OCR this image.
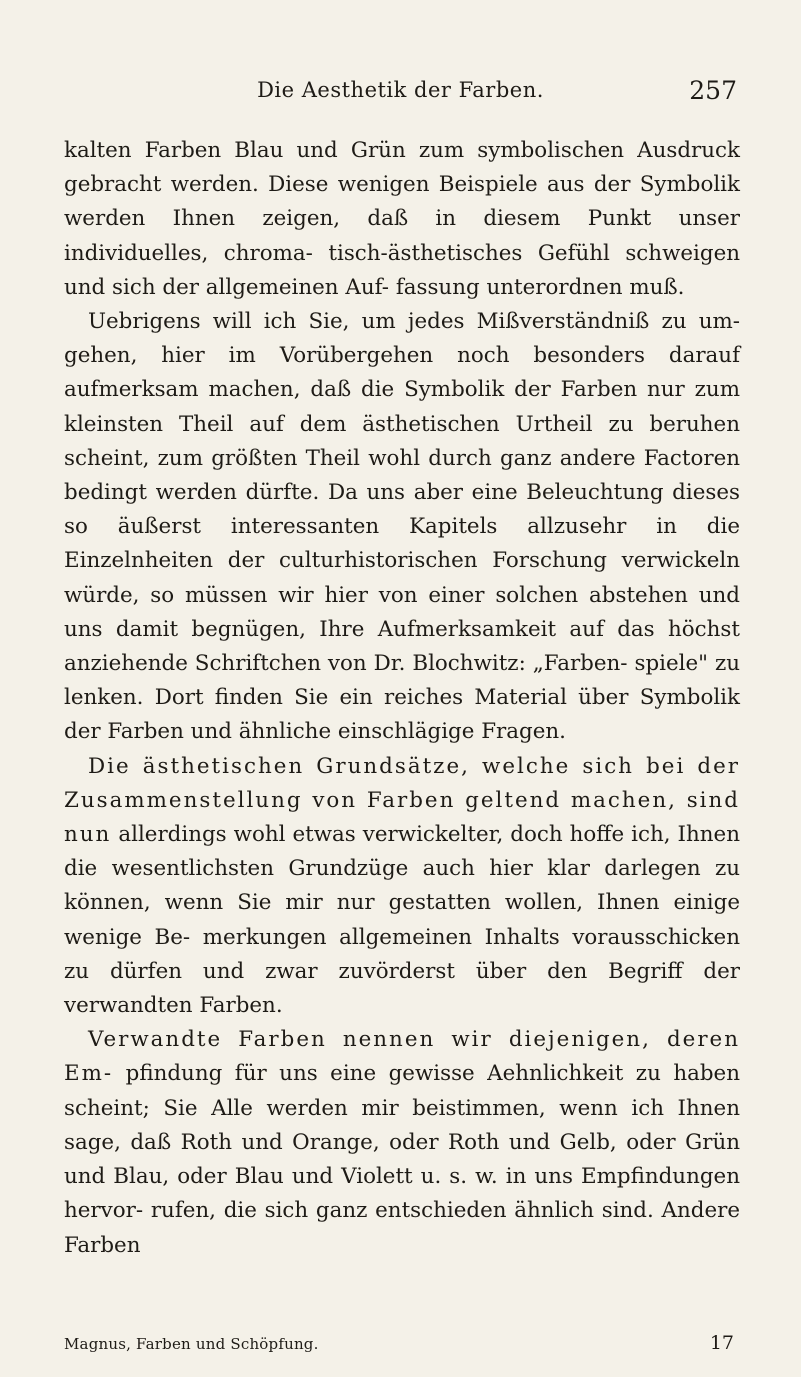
Die Aesthetik der Farben.	257

kalten Farben Blau und Grün zum symbolischen Ausdruck gebracht werden. Diese wenigen Beispiele aus der Symbolik werden Ihnen zeigen, daß in diesem Punkt unser individuelles, chroma- tisch-ästhetisches Gefühl schweigen und sich der allgemeinen Auf- fassung unterordnen muß.

Uebrigens will ich Sie, um jedes Mißverständniß zu um- gehen, hier im Vorübergehen noch besonders darauf aufmerksam machen, daß die Symbolik der Farben nur zum kleinsten Theil auf dem ästhetischen Urtheil zu beruhen scheint, zum größten Theil wohl durch ganz andere Factoren bedingt werden dürfte. Da uns aber eine Beleuchtung dieses so äußerst interessanten Kapitels allzusehr in die Einzelnheiten der culturhistorischen Forschung verwickeln würde, so müssen wir hier von einer solchen abstehen und uns damit begnügen, Ihre Aufmerksamkeit auf das höchst anziehende Schriftchen von Dr. Blochwitz: „Farben- spiele" zu lenken. Dort finden Sie ein reiches Material über Symbolik der Farben und ähnliche einschlägige Fragen.

Die ästhetischen Grundsätze, welche sich bei der Zusammenstellung von Farben geltend machen, sind nun allerdings wohl etwas verwickelter, doch hoffe ich, Ihnen die wesentlichsten Grundzüge auch hier klar darlegen zu können, wenn Sie mir nur gestatten wollen, Ihnen einige wenige Be- merkungen allgemeinen Inhalts vorausschicken zu dürfen und zwar zuvörderst über den Begriff der verwandten Farben.

Verwandte Farben nennen wir diejenigen, deren Em- pfindung für uns eine gewisse Aehnlichkeit zu haben scheint; Sie Alle werden mir beistimmen, wenn ich Ihnen sage, daß Roth und Orange, oder Roth und Gelb, oder Grün und Blau, oder Blau und Violett u. s. w. in uns Empfindungen hervor- rufen, die sich ganz entschieden ähnlich sind. Andere Farben

Magnus, Farben und Schöpfung.	17
